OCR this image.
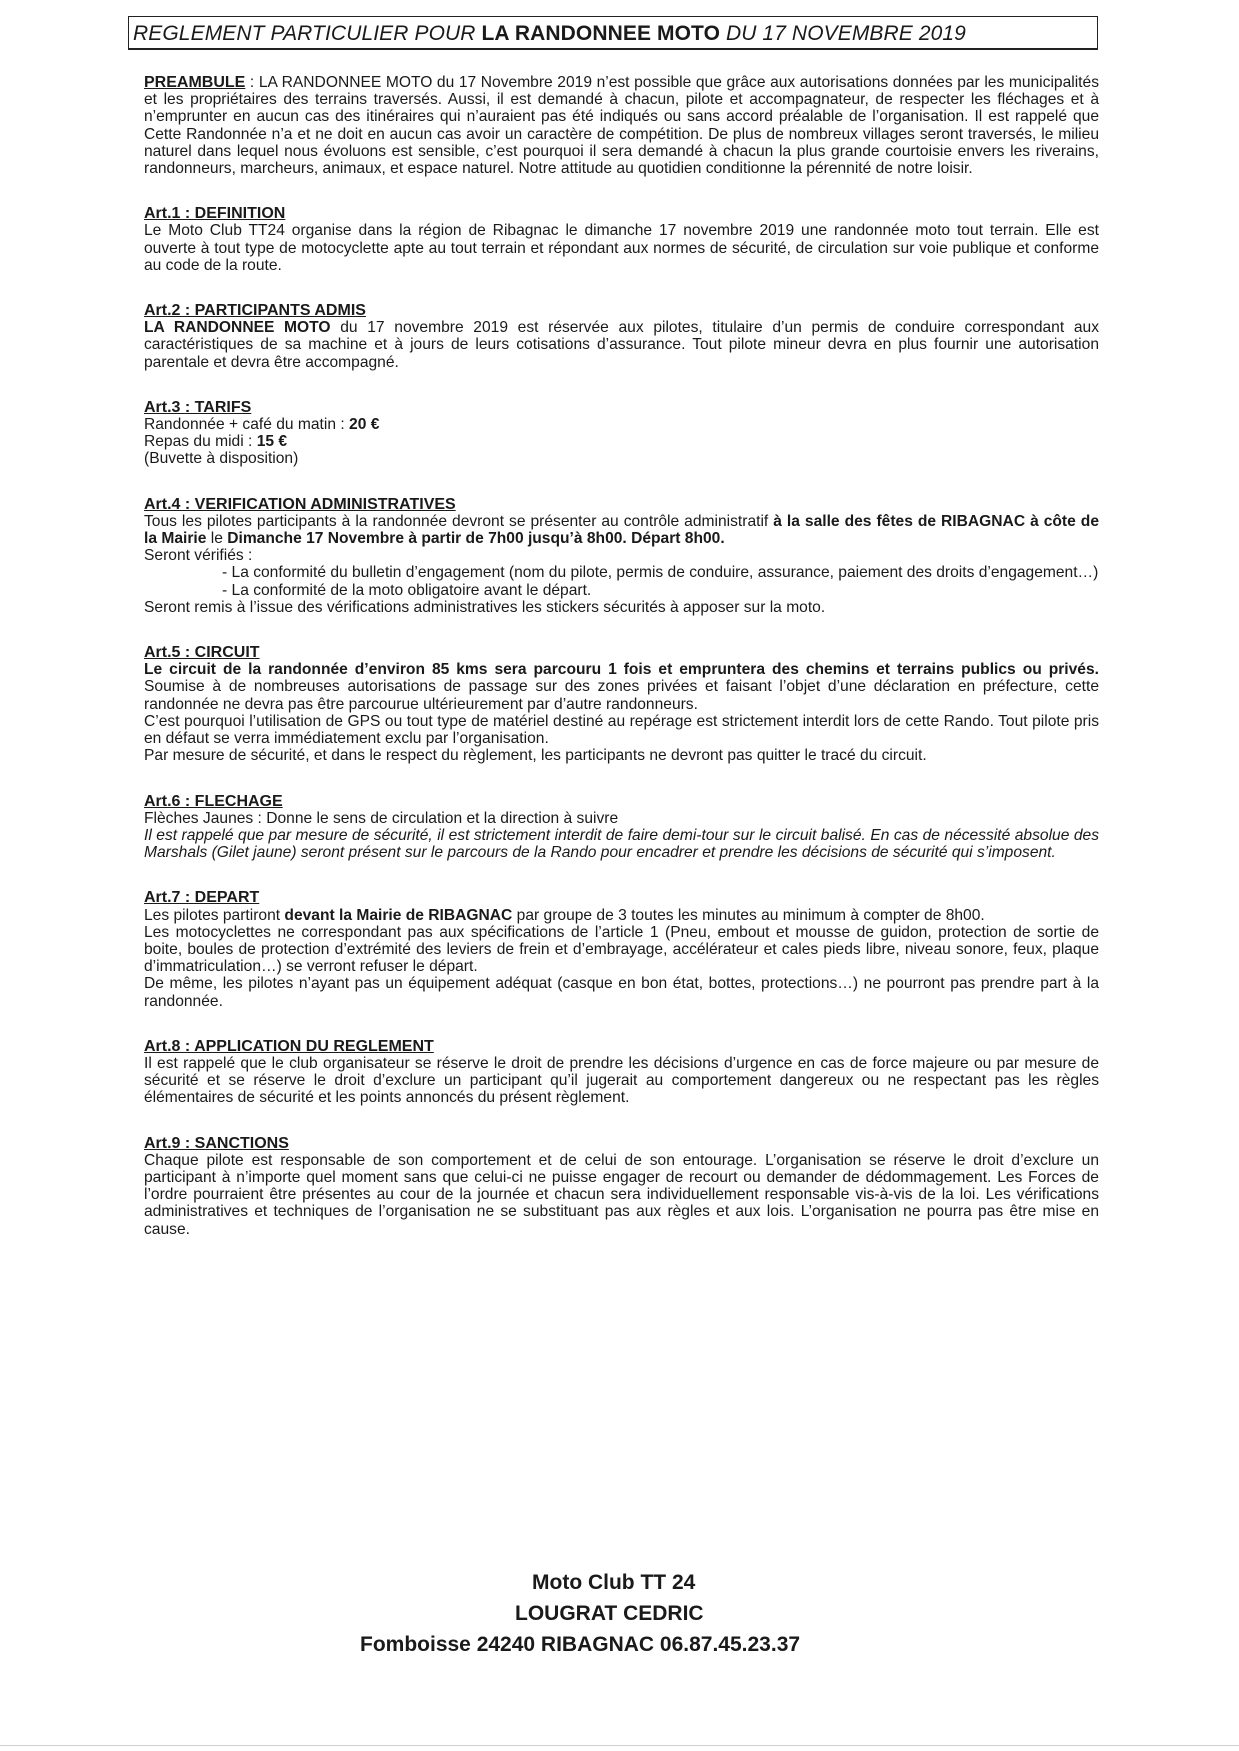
REGLEMENT PARTICULIER POUR LA RANDONNEE MOTO DU 17 NOVEMBRE 2019

PREAMBULE : LA RANDONNEE MOTO du 17 Novembre 2019 n’est possible que grâce aux autorisations données par les municipalités et les propriétaires des terrains traversés. Aussi, il est demandé à chacun, pilote et accompagnateur, de respecter les fléchages et à n’emprunter en aucun cas des itinéraires qui n’auraient pas été indiqués ou sans accord préalable de l’organisation. Il est rappelé que Cette Randonnée n’a et ne doit en aucun cas avoir un caractère de compétition. De plus de nombreux villages seront traversés, le milieu naturel dans lequel nous évoluons est sensible, c’est pourquoi il sera demandé à chacun la plus grande courtoisie envers les riverains, randonneurs, marcheurs, animaux, et espace naturel. Notre attitude au quotidien conditionne la pérennité de notre loisir.

Art.1 : DEFINITION

Le Moto Club TT24 organise dans la région de Ribagnac le dimanche 17 novembre 2019 une randonnée moto tout terrain. Elle est ouverte à tout type de motocyclette apte au tout terrain et répondant aux normes de sécurité, de circulation sur voie publique et conforme au code de la route.

Art.2 : PARTICIPANTS ADMIS

LA RANDONNEE MOTO du 17 novembre 2019 est réservée aux pilotes, titulaire d’un permis de conduire correspondant aux caractéristiques de sa machine et à jours de leurs cotisations d’assurance. Tout pilote mineur devra en plus fournir une autorisation parentale et devra être accompagné.

Art.3 : TARIFS

Randonnée + café du matin : 20 €

Repas du midi : 15 €

(Buvette à disposition)

Art.4 : VERIFICATION ADMINISTRATIVES

Tous les pilotes participants à la randonnée devront se présenter au contrôle administratif à la salle des fêtes de RIBAGNAC à côte de la Mairie le Dimanche 17 Novembre à partir de 7h00 jusqu’à 8h00. Départ 8h00.

Seront vérifiés :

- La conformité du bulletin d’engagement (nom du pilote, permis de conduire, assurance, paiement des droits d’engagement…)

- La conformité de la moto obligatoire avant le départ.

Seront remis à l’issue des vérifications administratives les stickers sécurités à apposer sur la moto.

Art.5 : CIRCUIT

Le circuit de la randonnée d’environ 85 kms sera parcouru 1 fois et empruntera des chemins et terrains publics ou privés. Soumise à de nombreuses autorisations de passage sur des zones privées et faisant l’objet d’une déclaration en préfecture, cette randonnée ne devra pas être parcourue ultérieurement par d’autre randonneurs.

C’est pourquoi l’utilisation de GPS ou tout type de matériel destiné au repérage est strictement interdit lors de cette Rando. Tout pilote pris en défaut se verra immédiatement exclu par l’organisation.

Par mesure de sécurité, et dans le respect du règlement, les participants ne devront pas quitter le tracé du circuit.

Art.6 : FLECHAGE

Flèches Jaunes : Donne le sens de circulation et la direction à suivre

Il est rappelé que par mesure de sécurité, il est strictement interdit de faire demi-tour sur le circuit balisé. En cas de nécessité absolue des Marshals (Gilet jaune) seront présent sur le parcours de la Rando pour encadrer et prendre les décisions de sécurité qui s’imposent.

Art.7 : DEPART

Les pilotes partiront devant la Mairie de RIBAGNAC par groupe de 3 toutes les minutes au minimum à compter de 8h00.

Les motocyclettes ne correspondant pas aux spécifications de l’article 1 (Pneu, embout et mousse de guidon, protection de sortie de boite, boules de protection d’extrémité des leviers de frein et d’embrayage, accélérateur et cales pieds libre, niveau sonore, feux, plaque d’immatriculation…) se verront refuser le départ.

De même, les pilotes n’ayant pas un équipement adéquat (casque en bon état, bottes, protections…) ne pourront pas prendre part à la randonnée.

Art.8 : APPLICATION DU REGLEMENT

Il est rappelé que le club organisateur se réserve le droit de prendre les décisions d’urgence en cas de force majeure ou par mesure de sécurité et se réserve le droit d’exclure un participant qu’il jugerait au comportement dangereux ou ne respectant pas les règles élémentaires de sécurité et les points annoncés du présent règlement.

Art.9 : SANCTIONS

Chaque pilote est responsable de son comportement et de celui de son entourage. L’organisation se réserve le droit d’exclure un participant à n’importe quel moment sans que celui-ci ne puisse engager de recourt ou demander de dédommagement. Les Forces de l’ordre pourraient être présentes au cour de la journée et chacun sera individuellement responsable vis-à-vis de la loi. Les vérifications administratives et techniques de l’organisation ne se substituant pas aux règles et aux lois. L’organisation ne pourra pas être mise en cause.

Moto Club TT 24
LOUGRAT CEDRIC
Fomboisse 24240 RIBAGNAC 06.87.45.23.37
